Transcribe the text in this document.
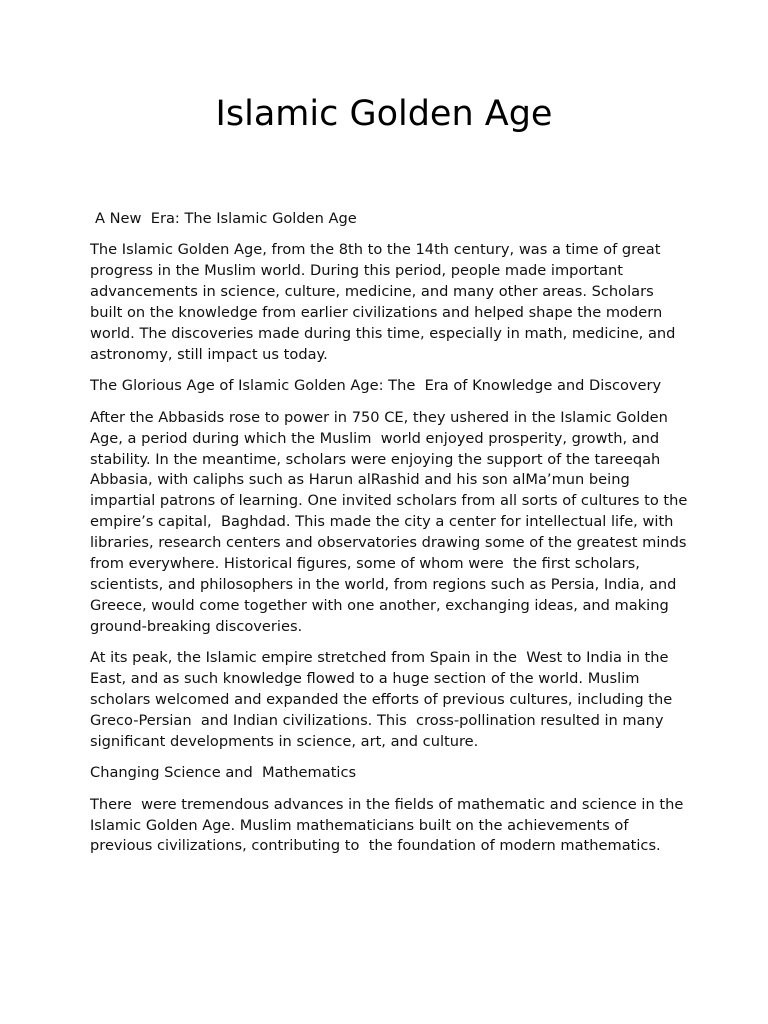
Islamic Golden Age

A New  Era: The Islamic Golden Age

The Islamic Golden Age, from the 8th to the 14th century, was a time of great progress in the Muslim world. During this period, people made important advancements in science, culture, medicine, and many other areas. Scholars built on the knowledge from earlier civilizations and helped shape the modern world. The discoveries made during this time, especially in math, medicine, and astronomy, still impact us today.

The Glorious Age of Islamic Golden Age: The  Era of Knowledge and Discovery

After the Abbasids rose to power in 750 CE, they ushered in the Islamic Golden Age, a period during which the Muslim  world enjoyed prosperity, growth, and stability. In the meantime, scholars were enjoying the support of the tareeqah  Abbasia, with caliphs such as Harun alRashid and his son alMa’mun being impartial patrons of learning. One invited scholars from all sorts of cultures to the empire’s capital,  Baghdad. This made the city a center for intellectual life, with libraries, research centers and observatories drawing some of the greatest minds  from everywhere. Historical figures, some of whom were  the first scholars, scientists, and philosophers in the world, from regions such as Persia, India, and Greece, would come together with one another, exchanging ideas, and making ground-breaking discoveries.

At its peak, the Islamic empire stretched from Spain in the  West to India in the East, and as such knowledge flowed to a huge section of the world. Muslim scholars welcomed and expanded the efforts of previous cultures, including the Greco-Persian  and Indian civilizations. This  cross-pollination resulted in many significant developments in science, art, and culture.

Changing Science and  Mathematics

There  were tremendous advances in the fields of mathematic and science in the Islamic Golden Age. Muslim mathematicians built on the achievements of previous civilizations, contributing to  the foundation of modern mathematics.
